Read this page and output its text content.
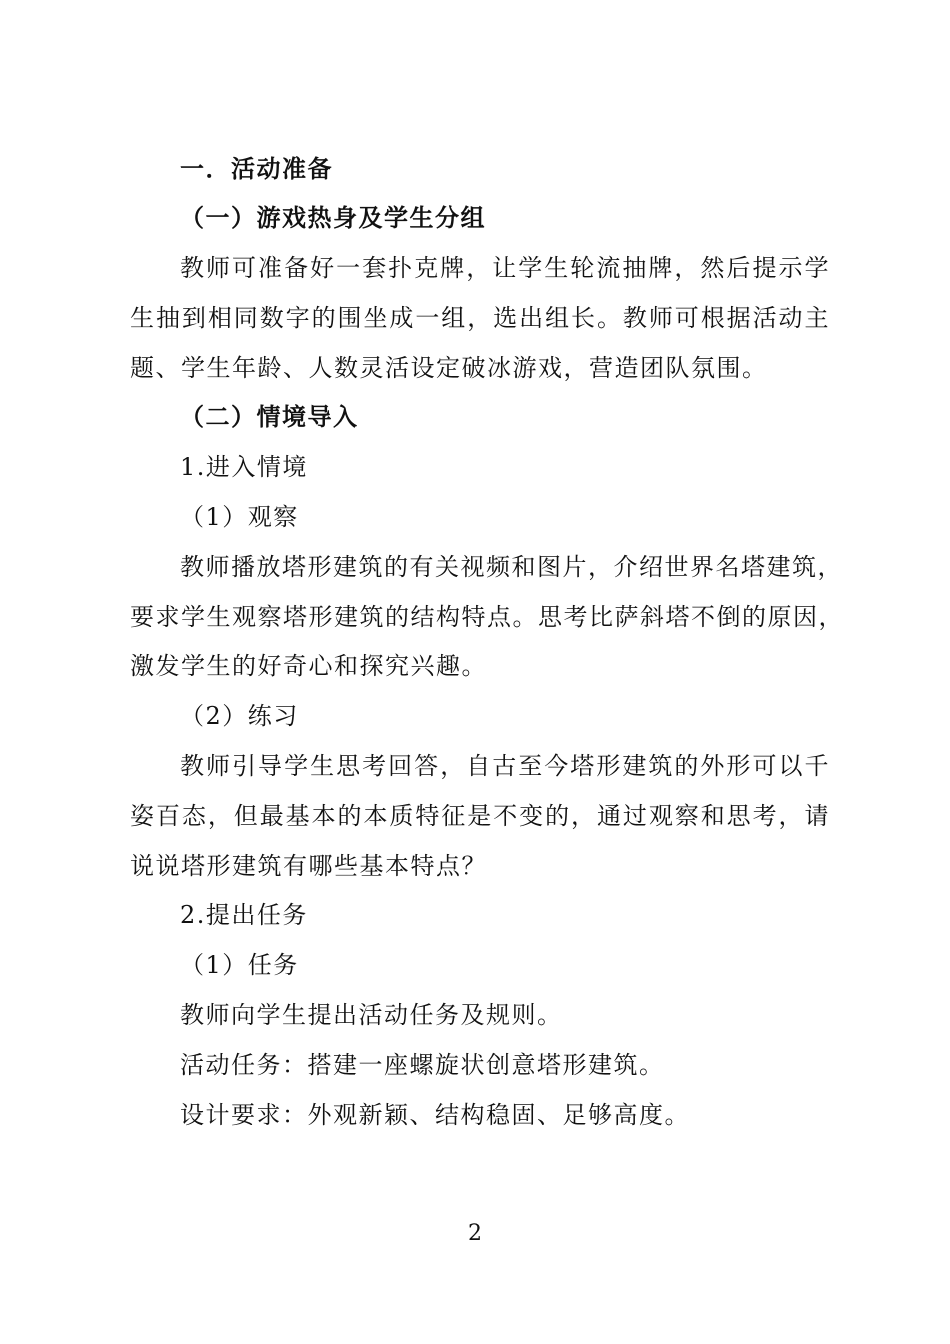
一．活动准备
（一）游戏热身及学生分组
教师可准备好一套扑克牌，让学生轮流抽牌，然后提示学
生抽到相同数字的围坐成一组，选出组长。教师可根据活动主
题、学生年龄、人数灵活设定破冰游戏，营造团队氛围。
（二）情境导入
1.进入情境
（1）观察
教师播放塔形建筑的有关视频和图片，介绍世界名塔建筑，
要求学生观察塔形建筑的结构特点。思考比萨斜塔不倒的原因，
激发学生的好奇心和探究兴趣。
（2）练习
教师引导学生思考回答，自古至今塔形建筑的外形可以千
姿百态，但最基本的本质特征是不变的，通过观察和思考，请
说说塔形建筑有哪些基本特点？
2.提出任务
（1）任务
教师向学生提出活动任务及规则。
活动任务：搭建一座螺旋状创意塔形建筑。
设计要求：外观新颖、结构稳固、足够高度。
2
